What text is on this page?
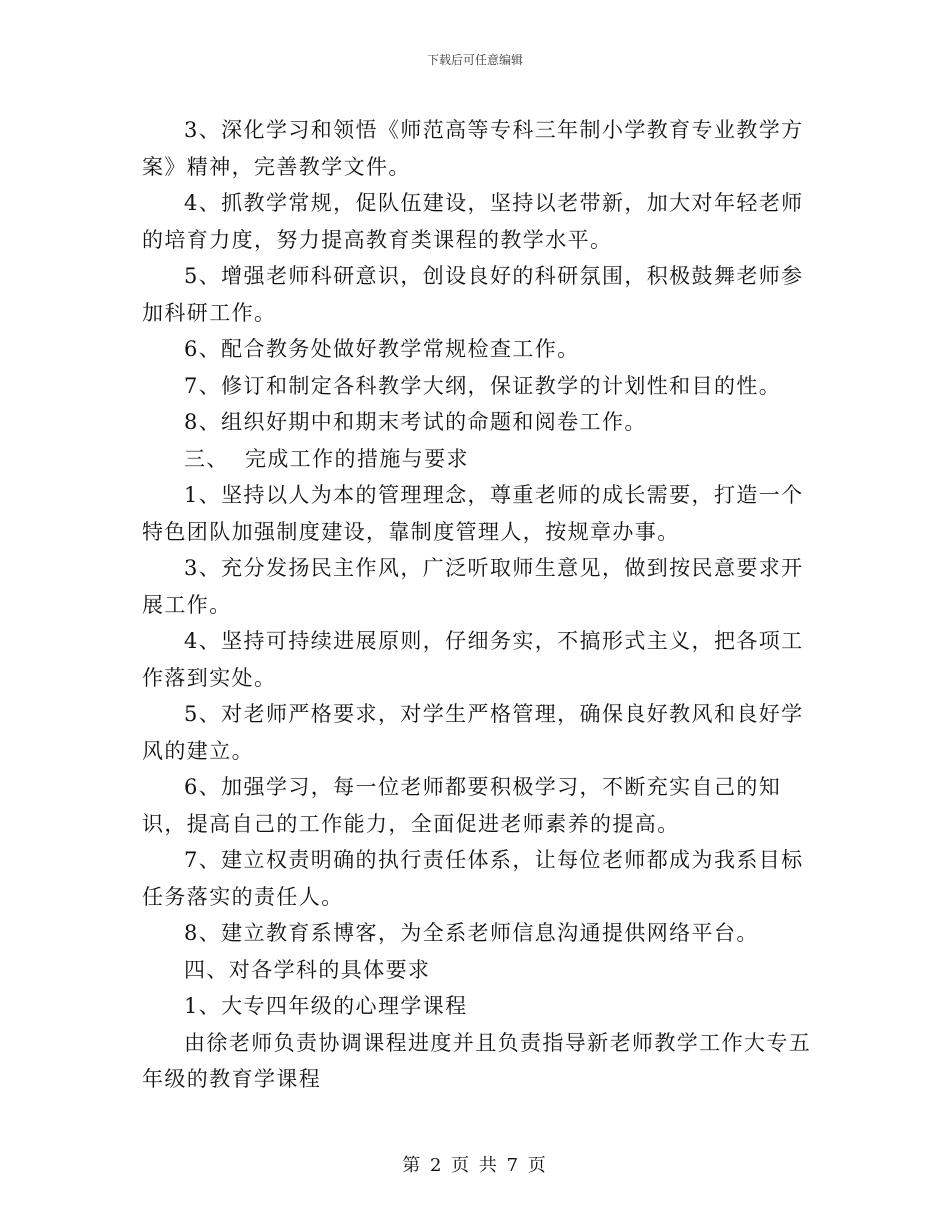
下载后可任意编辑

3、深化学习和领悟《师范高等专科三年制小学教育专业教学方案》精神，完善教学文件。

4、抓教学常规，促队伍建设，坚持以老带新，加大对年轻老师的培育力度，努力提高教育类课程的教学水平。

5、增强老师科研意识，创设良好的科研氛围，积极鼓舞老师参加科研工作。

6、配合教务处做好教学常规检查工作。

7、修订和制定各科教学大纲，保证教学的计划性和目的性。

8、组织好期中和期末考试的命题和阅卷工作。

三、  完成工作的措施与要求

1、坚持以人为本的管理理念，尊重老师的成长需要，打造一个特色团队加强制度建设，靠制度管理人，按规章办事。

3、充分发扬民主作风，广泛听取师生意见，做到按民意要求开展工作。

4、坚持可持续进展原则，仔细务实，不搞形式主义，把各项工作落到实处。

5、对老师严格要求，对学生严格管理，确保良好教风和良好学风的建立。

6、加强学习，每一位老师都要积极学习，不断充实自己的知识，提高自己的工作能力，全面促进老师素养的提高。

7、建立权责明确的执行责任体系，让每位老师都成为我系目标任务落实的责任人。

8、建立教育系博客，为全系老师信息沟通提供网络平台。

四、对各学科的具体要求

1、大专四年级的心理学课程

由徐老师负责协调课程进度并且负责指导新老师教学工作大专五年级的教育学课程

第 2 页 共 7 页
